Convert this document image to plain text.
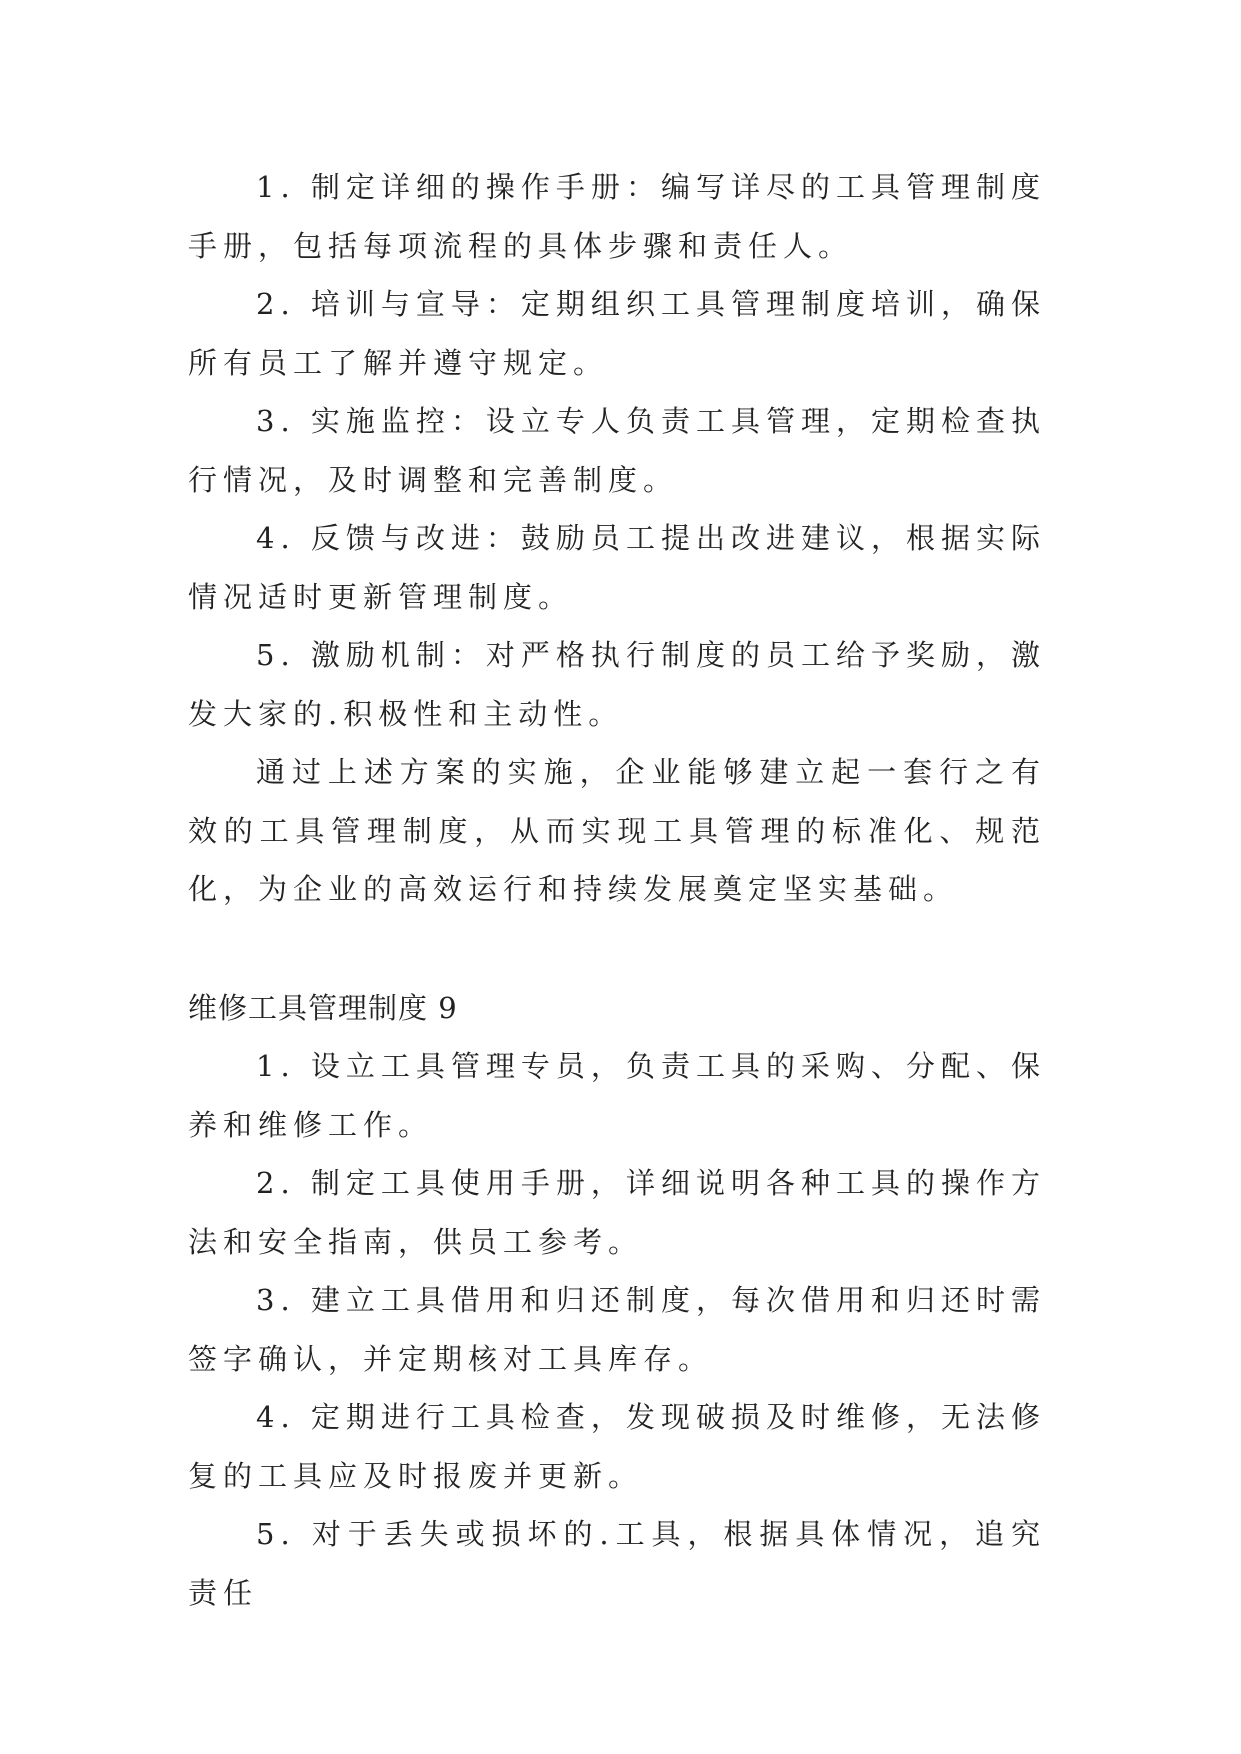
1. 制定详细的操作手册：编写详尽的工具管理制度手册，包括每项流程的具体步骤和责任人。

2. 培训与宣导：定期组织工具管理制度培训，确保所有员工了解并遵守规定。

3. 实施监控：设立专人负责工具管理，定期检查执行情况，及时调整和完善制度。

4. 反馈与改进：鼓励员工提出改进建议，根据实际情况适时更新管理制度。

5. 激励机制：对严格执行制度的员工给予奖励，激发大家的.积极性和主动性。

通过上述方案的实施，企业能够建立起一套行之有效的工具管理制度，从而实现工具管理的标准化、规范化，为企业的高效运行和持续发展奠定坚实基础。

维修工具管理制度 9

1. 设立工具管理专员，负责工具的采购、分配、保养和维修工作。

2. 制定工具使用手册，详细说明各种工具的操作方法和安全指南，供员工参考。

3. 建立工具借用和归还制度，每次借用和归还时需签字确认，并定期核对工具库存。

4. 定期进行工具检查，发现破损及时维修，无法修复的工具应及时报废并更新。

5. 对于丢失或损坏的.工具，根据具体情况，追究责任
